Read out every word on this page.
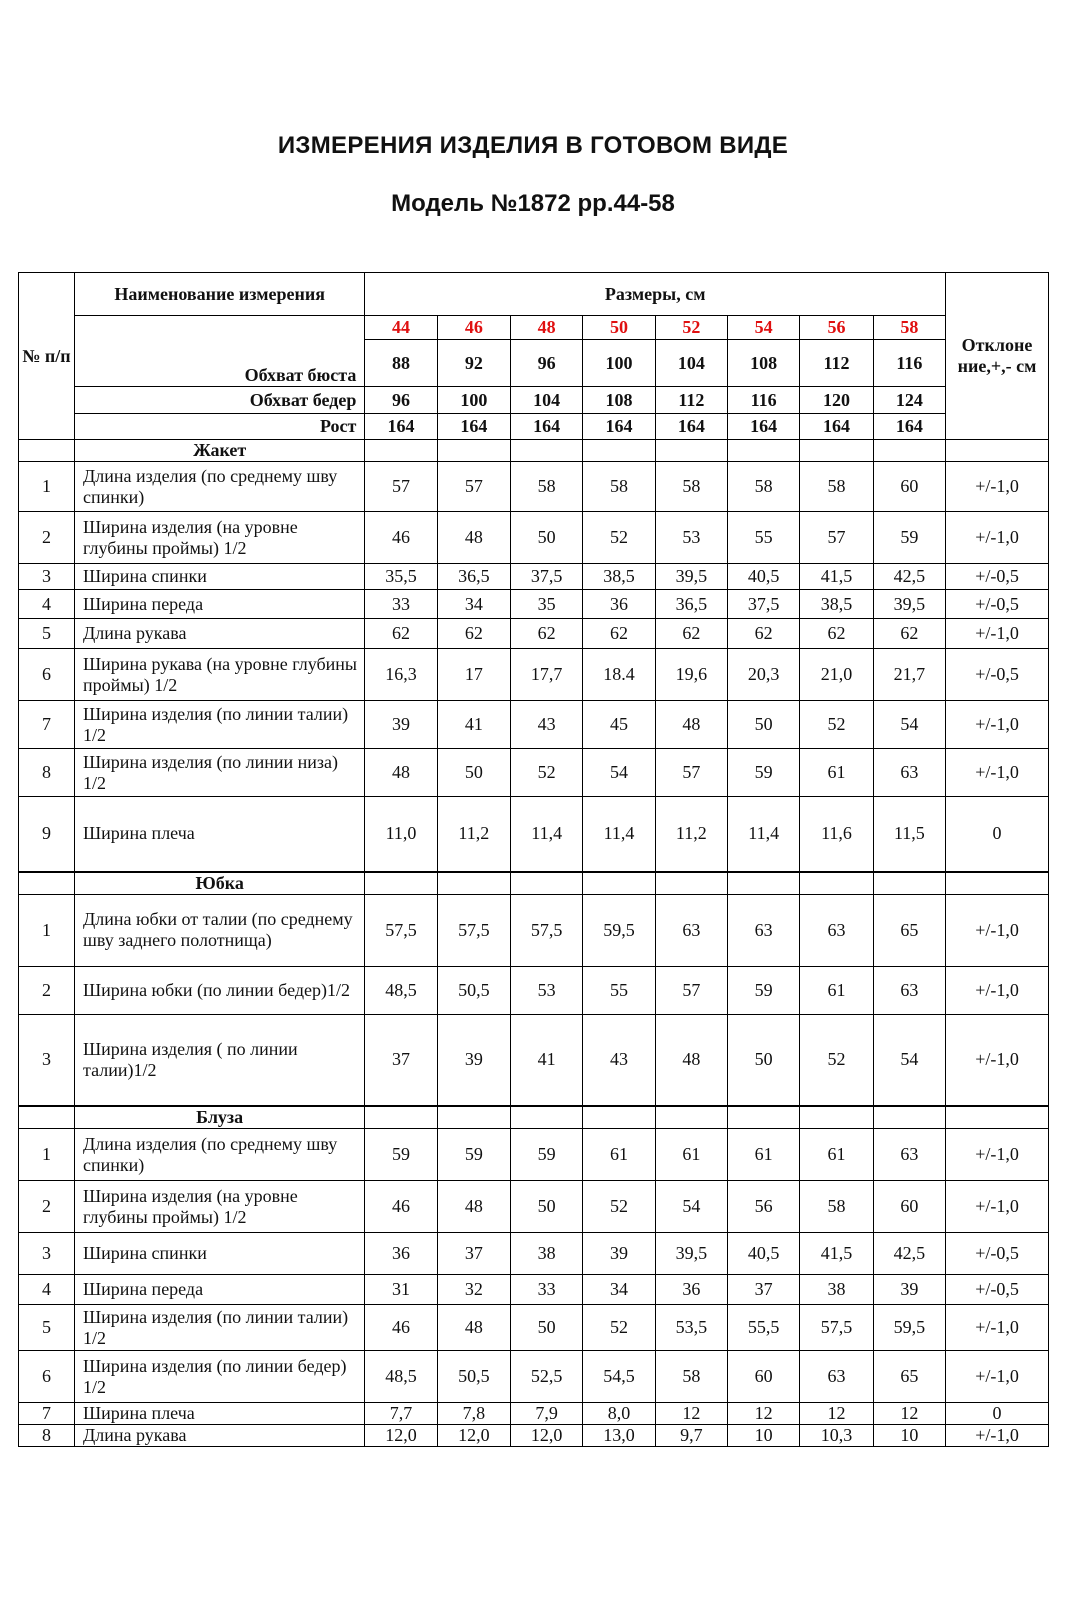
ИЗМЕРЕНИЯ ИЗДЕЛИЯ В ГОТОВОМ ВИДЕ
Модель №1872 рр.44-58
№ п/п	Наименование измерения	Размеры, см								Отклоне ние,+,- см
	Обхват бюста	44	46	48	50	52	54	56	58	
		88	92	96	100	104	108	112	116	
	Обхват бедер	96	100	104	108	112	116	120	124	
	Рост	164	164	164	164	164	164	164	164	
	Жакет									
1	Длина изделия (по среднему шву спинки)	57	57	58	58	58	58	58	60	+/-1,0
2	Ширина изделия (на уровне глубины проймы) 1/2	46	48	50	52	53	55	57	59	+/-1,0
3	Ширина спинки	35,5	36,5	37,5	38,5	39,5	40,5	41,5	42,5	+/-0,5
4	Ширина переда	33	34	35	36	36,5	37,5	38,5	39,5	+/-0,5
5	Длина рукава	62	62	62	62	62	62	62	62	+/-1,0
6	Ширина рукава (на уровне глубины проймы) 1/2	16,3	17	17,7	18.4	19,6	20,3	21,0	21,7	+/-0,5
7	Ширина изделия (по линии талии) 1/2	39	41	43	45	48	50	52	54	+/-1,0
8	Ширина изделия (по линии низа) 1/2	48	50	52	54	57	59	61	63	+/-1,0
9	Ширина плеча	11,0	11,2	11,4	11,4	11,2	11,4	11,6	11,5	0
	Юбка									
1	Длина юбки от талии (по среднему шву заднего полотнища)	57,5	57,5	57,5	59,5	63	63	63	65	+/-1,0
2	Ширина юбки (по линии бедер)1/2	48,5	50,5	53	55	57	59	61	63	+/-1,0
3	Ширина изделия ( по линии талии)1/2	37	39	41	43	48	50	52	54	+/-1,0
	Блуза									
1	Длина изделия (по среднему шву спинки)	59	59	59	61	61	61	61	63	+/-1,0
2	Ширина изделия (на уровне глубины проймы) 1/2	46	48	50	52	54	56	58	60	+/-1,0
3	Ширина спинки	36	37	38	39	39,5	40,5	41,5	42,5	+/-0,5
4	Ширина переда	31	32	33	34	36	37	38	39	+/-0,5
5	Ширина изделия (по линии талии) 1/2	46	48	50	52	53,5	55,5	57,5	59,5	+/-1,0
6	Ширина изделия (по линии бедер) 1/2	48,5	50,5	52,5	54,5	58	60	63	65	+/-1,0
7	Ширина плеча	7,7	7,8	7,9	8,0	12	12	12	12	0
8	Длина рукава	12,0	12,0	12,0	13,0	9,7	10	10,3	10	+/-1,0
